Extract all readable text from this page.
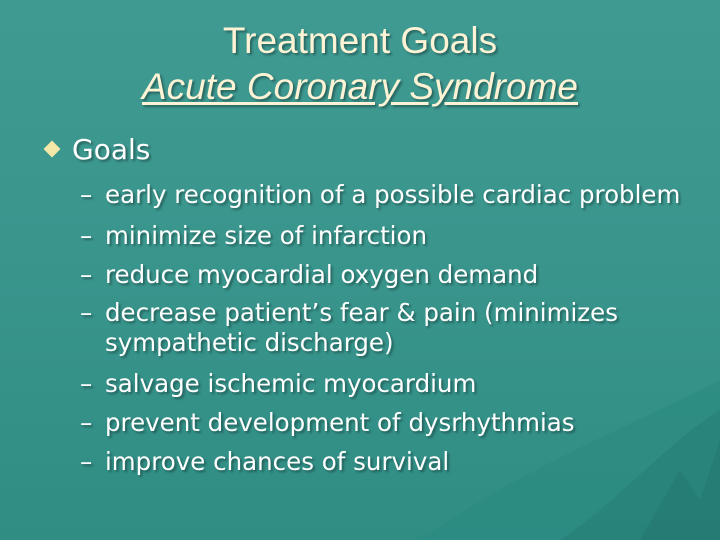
Treatment Goals
Acute Coronary Syndrome
Goals
– early recognition of a possible cardiac problem
– minimize size of infarction
– reduce myocardial oxygen demand
– decrease patient’s fear & pain (minimizes sympathetic discharge)
– salvage ischemic myocardium
– prevent development of dysrhythmias
– improve chances of survival
